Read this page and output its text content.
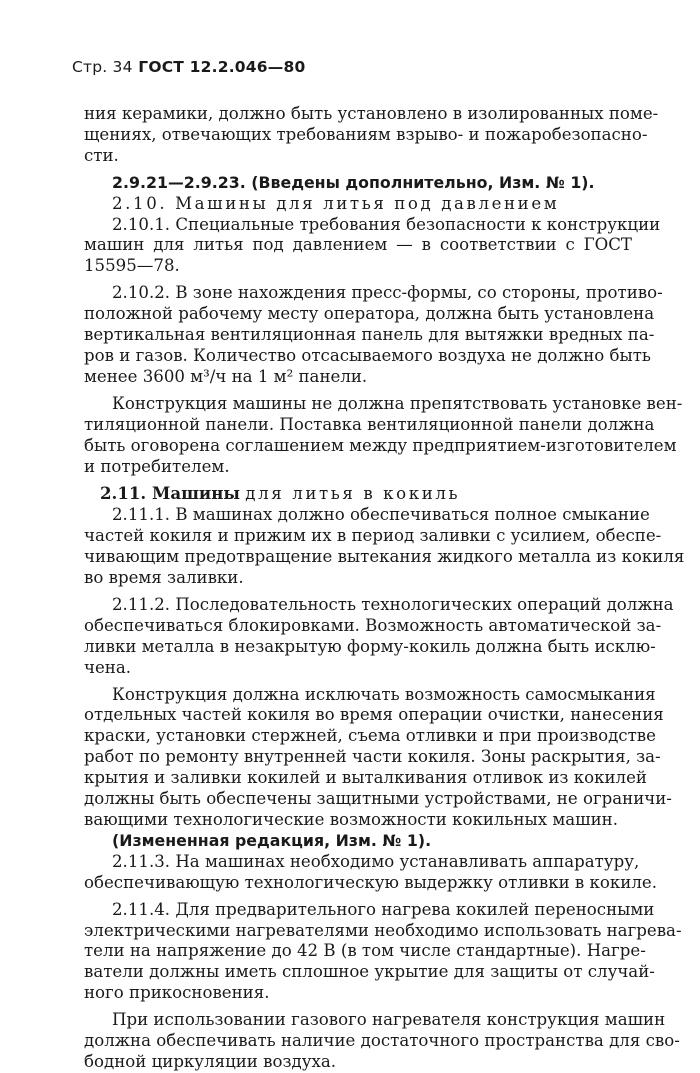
Стр. 34 ГОСТ 12.2.046—80
ния керамики, должно быть установлено в изолированных поме-
щениях, отвечающих требованиям взрыво- и пожаробезопасно-
сти.
2.9.21—2.9.23. (Введены дополнительно, Изм. № 1).
2.10. Машины для литья под давлением
2.10.1. Специальные требования безопасности к конструкции
машин для литья под давлением — в соответствии с ГОСТ
15595—78.
2.10.2. В зоне нахождения пресс-формы, со стороны, противо-
положной рабочему месту оператора, должна быть установлена
вертикальная вентиляционная панель для вытяжки вредных па-
ров и газов. Количество отсасываемого воздуха не должно быть
менее 3600 м³/ч на 1 м² панели.
Конструкция машины не должна препятствовать установке вен-
тиляционной панели. Поставка вентиляционной панели должна
быть оговорена соглашением между предприятием-изготовителем
и потребителем.
2.11. Машины для литья в кокиль
2.11.1. В машинах должно обеспечиваться полное смыкание
частей кокиля и прижим их в период заливки с усилием, обеспе-
чивающим предотвращение вытекания жидкого металла из кокиля
во время заливки.
2.11.2. Последовательность технологических операций должна
обеспечиваться блокировками. Возможность автоматической за-
ливки металла в незакрытую форму-кокиль должна быть исклю-
чена.
Конструкция должна исключать возможность самосмыкания
отдельных частей кокиля во время операции очистки, нанесения
краски, установки стержней, съема отливки и при производстве
работ по ремонту внутренней части кокиля. Зоны раскрытия, за-
крытия и заливки кокилей и выталкивания отливок из кокилей
должны быть обеспечены защитными устройствами, не ограничи-
вающими технологические возможности кокильных машин.
(Измененная редакция, Изм. № 1).
2.11.3. На машинах необходимо устанавливать аппаратуру,
обеспечивающую технологическую выдержку отливки в кокиле.
2.11.4. Для предварительного нагрева кокилей переносными
электрическими нагревателями необходимо использовать нагрева-
тели на напряжение до 42 В (в том числе стандартные). Нагре-
ватели должны иметь сплошное укрытие для защиты от случай-
ного прикосновения.
При использовании газового нагревателя конструкция машин
должна обеспечивать наличие достаточного пространства для сво-
бодной циркуляции воздуха.
